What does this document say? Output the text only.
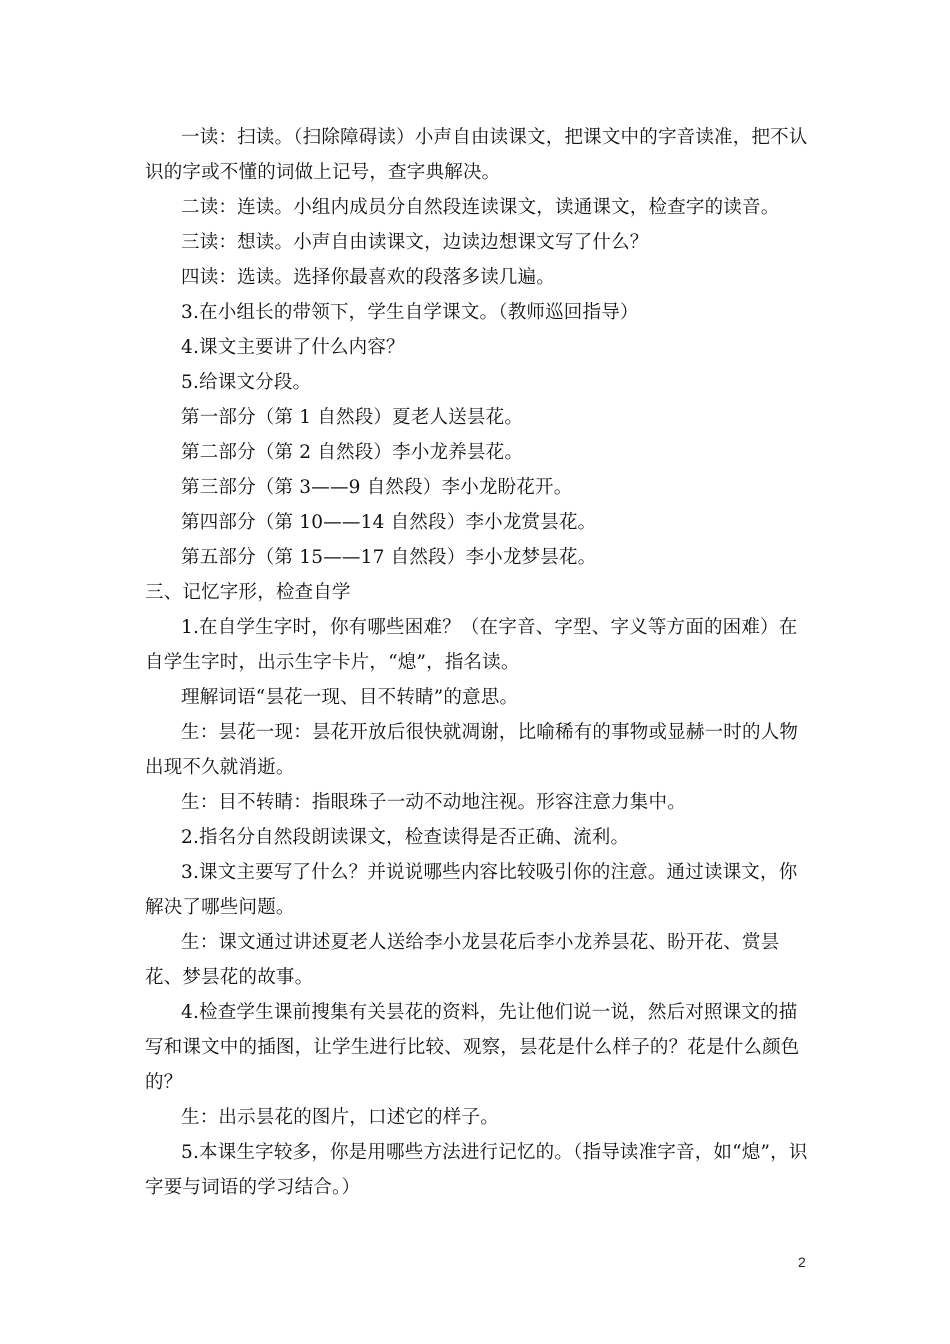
一读：扫读。（扫除障碍读）小声自由读课文，把课文中的字音读准，把不认识的字或不懂的词做上记号，查字典解决。

二读：连读。小组内成员分自然段连读课文，读通课文，检查字的读音。

三读：想读。小声自由读课文，边读边想课文写了什么？

四读：选读。选择你最喜欢的段落多读几遍。

3.在小组长的带领下，学生自学课文。（教师巡回指导）

4.课文主要讲了什么内容？

5.给课文分段。

第一部分（第 1 自然段）夏老人送昙花。

第二部分（第 2 自然段）李小龙养昙花。

第三部分（第 3——9 自然段）李小龙盼花开。

第四部分（第 10——14 自然段）李小龙赏昙花。

第五部分（第 15——17 自然段）李小龙梦昙花。

三、记忆字形，检查自学

1.在自学生字时，你有哪些困难？（在字音、字型、字义等方面的困难）在自学生字时，出示生字卡片，“熄”，指名读。

理解词语“昙花一现、目不转睛”的意思。

生：昙花一现：昙花开放后很快就凋谢，比喻稀有的事物或显赫一时的人物出现不久就消逝。

生：目不转睛：指眼珠子一动不动地注视。形容注意力集中。

2.指名分自然段朗读课文，检查读得是否正确、流利。

3.课文主要写了什么？并说说哪些内容比较吸引你的注意。通过读课文，你解决了哪些问题。

生：课文通过讲述夏老人送给李小龙昙花后李小龙养昙花、盼开花、赏昙花、梦昙花的故事。

4.检查学生课前搜集有关昙花的资料，先让他们说一说，然后对照课文的描写和课文中的插图，让学生进行比较、观察，昙花是什么样子的？花是什么颜色的？

生：出示昙花的图片，口述它的样子。

5.本课生字较多，你是用哪些方法进行记忆的。（指导读准字音，如“熄”，识字要与词语的学习结合。）

2
